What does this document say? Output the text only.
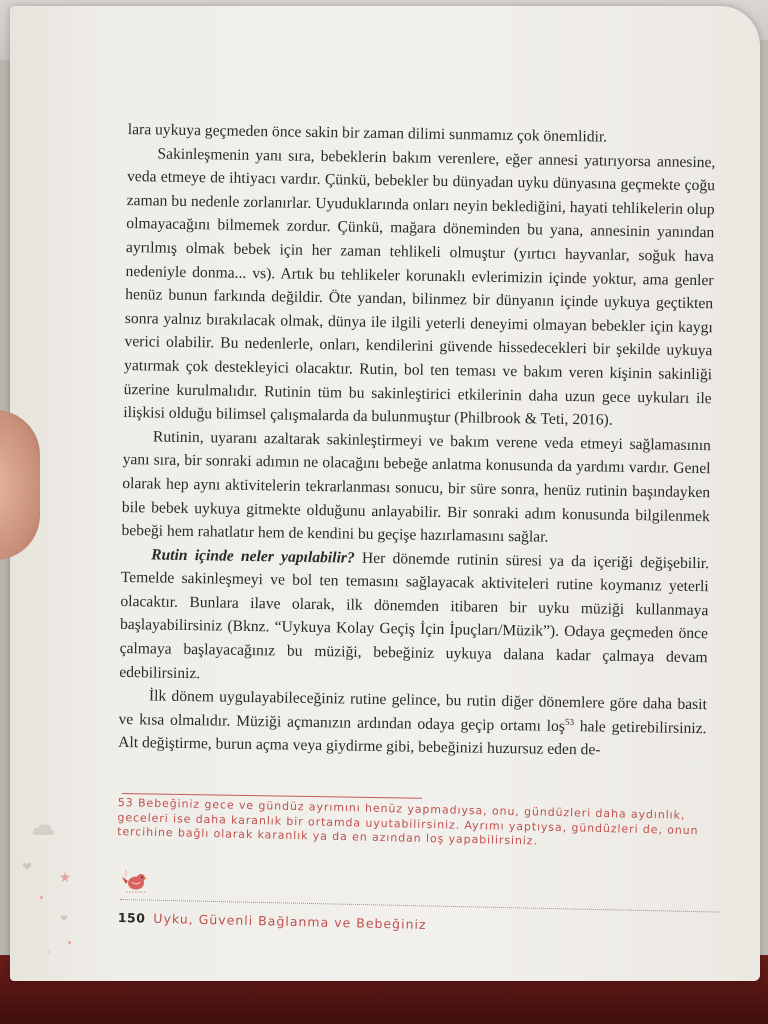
lara uykuya geçmeden önce sakin bir zaman dilimi sunmamız çok önemlidir.

Sakinleşmenin yanı sıra, bebeklerin bakım verenlere, eğer annesi yatırıyorsa annesine, veda etmeye de ihtiyacı vardır. Çünkü, bebekler bu dünyadan uyku dünyasına geçmekte çoğu zaman bu nedenle zorlanırlar. Uyuduklarında onları neyin beklediğini, hayati tehlikelerin olup olmayacağını bilmemek zordur. Çünkü, mağara döneminden bu yana, annesinin yanından ayrılmış olmak bebek için her zaman tehlikeli olmuştur (yırtıcı hayvanlar, soğuk hava nedeniyle donma... vs). Artık bu tehlikeler korunaklı evlerimizin içinde yoktur, ama genler henüz bunun farkında değildir. Öte yandan, bilinmez bir dünyanın içinde uykuya geçtikten sonra yalnız bırakılacak olmak, dünya ile ilgili yeterli deneyimi olmayan bebekler için kaygı verici olabilir. Bu nedenlerle, onları, kendilerini güvende hissedecekleri bir şekilde uykuya yatırmak çok destekleyici olacaktır. Rutin, bol ten teması ve bakım veren kişinin sakinliği üzerine kurulmalıdır. Rutinin tüm bu sakinleştirici etkilerinin daha uzun gece uykuları ile ilişkisi olduğu bilimsel çalışmalarda da bulunmuştur (Philbrook & Teti, 2016).

Rutinin, uyaranı azaltarak sakinleştirmeyi ve bakım verene veda etmeyi sağlamasının yanı sıra, bir sonraki adımın ne olacağını bebeğe anlatma konusunda da yardımı vardır. Genel olarak hep aynı aktivitelerin tekrarlanması sonucu, bir süre sonra, henüz rutinin başındayken bile bebek uykuya gitmekte olduğunu anlayabilir. Bir sonraki adım konusunda bilgilenmek bebeği hem rahatlatır hem de kendini bu geçişe hazırlamasını sağlar.

Rutin içinde neler yapılabilir? Her dönemde rutinin süresi ya da içeriği değişebilir. Temelde sakinleşmeyi ve bol ten temasını sağlayacak aktiviteleri rutine koymanız yeterli olacaktır. Bunlara ilave olarak, ilk dönemden itibaren bir uyku müziği kullanmaya başlayabilirsiniz (Bknz. “Uykuya Kolay Geçiş İçin İpuçları/Müzik”). Odaya geçmeden önce çalmaya başlayacağınız bu müziği, bebeğiniz uykuya dalana kadar çalmaya devam edebilirsiniz.

İlk dönem uygulayabileceğiniz rutine gelince, bu rutin diğer dönemlere göre daha basit ve kısa olmalıdır. Müziği açmanızın ardından odaya geçip ortamı loş$^{53}$ hale getirebilirsiniz. Alt değiştirme, burun açma veya giydirme gibi, bebeğinizi huzursuz eden de-

53 Bebeğiniz gece ve gündüz ayrımını henüz yapmadıysa, onu, gündüzleri daha aydınlık, geceleri ise daha karanlık bir ortamda uyutabilirsiniz. Ayrımı yaptıysa, gündüzleri de, onun tercihine bağlı olarak karanlık ya da en azından loş yapabilirsiniz.
150 Uyku, Güvenli Bağlanma ve Bebeğiniz
